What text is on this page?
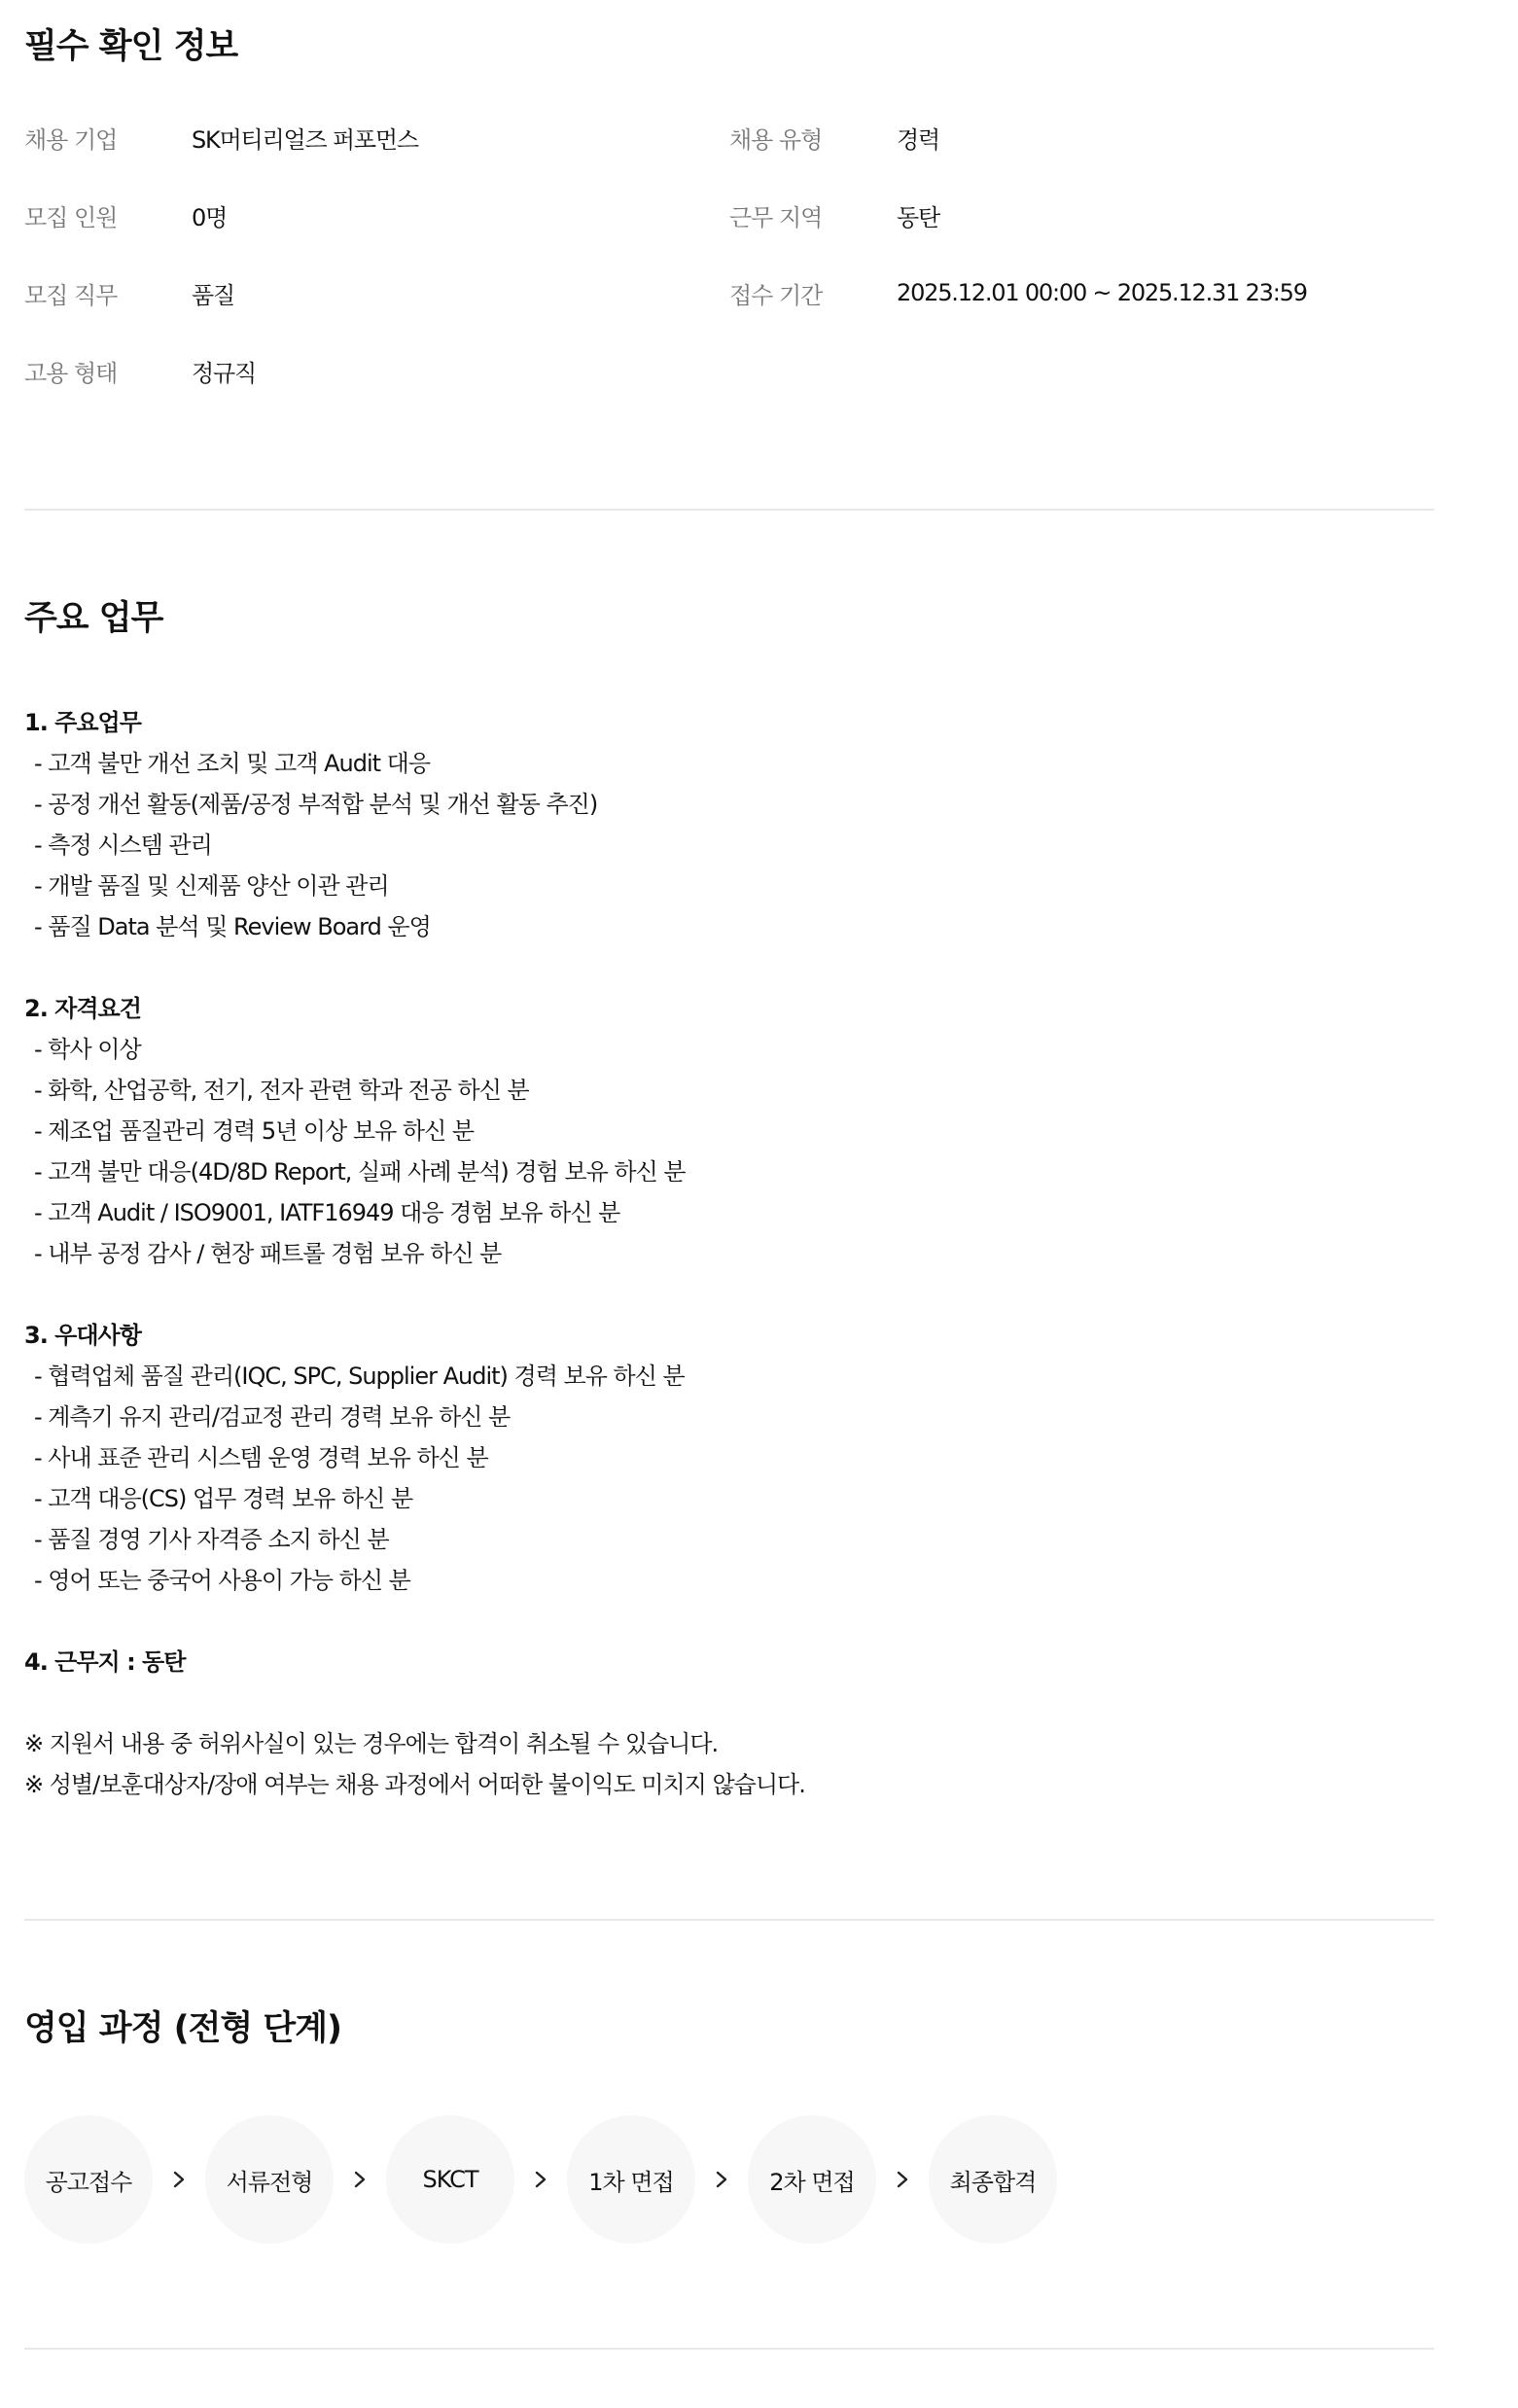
필수 확인 정보
채용 기업	SK머티리얼즈 퍼포먼스	채용 유형	경력
모집 인원	0명	근무 지역	동탄
모집 직무	품질	접수 기간	2025.12.01 00:00 ~ 2025.12.31 23:59
고용 형태	정규직
주요 업무
1. 주요업무
- 고객 불만 개선 조치 및 고객 Audit 대응
- 공정 개선 활동(제품/공정 부적합 분석 및 개선 활동 추진)
- 측정 시스템 관리
- 개발 품질 및 신제품 양산 이관 관리
- 품질 Data 분석 및 Review Board 운영
2. 자격요건
- 학사 이상
- 화학, 산업공학, 전기, 전자 관련 학과 전공 하신 분
- 제조업 품질관리 경력 5년 이상 보유 하신 분
- 고객 불만 대응(4D/8D Report, 실패 사례 분석) 경험 보유 하신 분
- 고객 Audit / ISO9001, IATF16949 대응 경험 보유 하신 분
- 내부 공정 감사 / 현장 패트롤 경험 보유 하신 분
3. 우대사항
- 협력업체 품질 관리(IQC, SPC, Supplier Audit) 경력 보유 하신 분
- 계측기 유지 관리/검교정 관리 경력 보유 하신 분
- 사내 표준 관리 시스템 운영 경력 보유 하신 분
- 고객 대응(CS) 업무 경력 보유 하신 분
- 품질 경영 기사 자격증 소지 하신 분
- 영어 또는 중국어 사용이 가능 하신 분
4. 근무지 : 동탄
※ 지원서 내용 중 허위사실이 있는 경우에는 합격이 취소될 수 있습니다.
※ 성별/보훈대상자/장애 여부는 채용 과정에서 어떠한 불이익도 미치지 않습니다.
영입 과정 (전형 단계)
공고접수	서류전형	SKCT	1차 면접	2차 면접	최종합격
